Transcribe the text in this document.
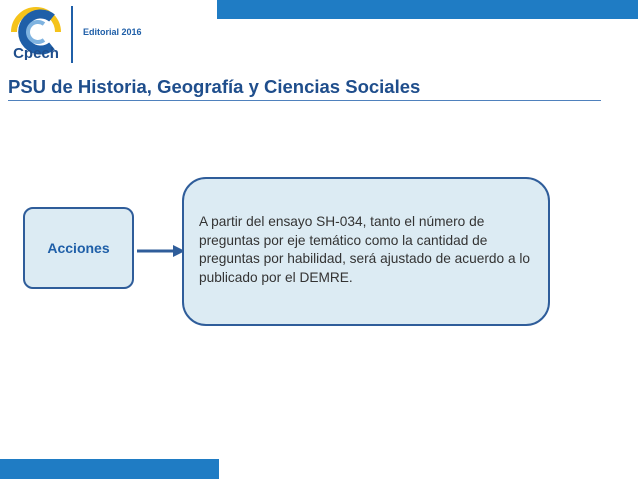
Cpech
Editorial 2016
PSU de Historia, Geografía y Ciencias Sociales
Acciones
A partir del ensayo SH-034, tanto el número de preguntas por eje temático como la cantidad de preguntas por habilidad, será ajustado de acuerdo a lo publicado por el DEMRE.
